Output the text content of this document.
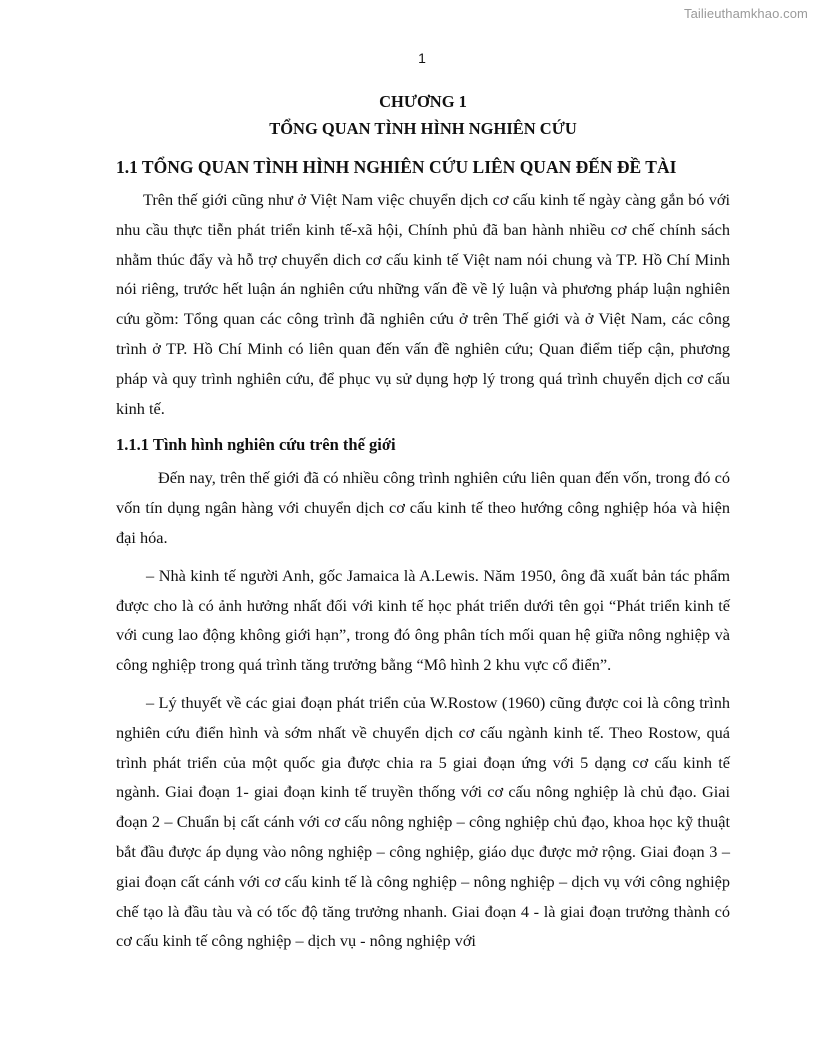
Tailieuthamkhao.com
1

CHƯƠNG 1

TỔNG QUAN TÌNH HÌNH NGHIÊN CỨU

1.1 TỔNG QUAN TÌNH HÌNH NGHIÊN CỨU LIÊN QUAN ĐẾN ĐỀ TÀI

Trên thế giới cũng như ở Việt Nam việc chuyển dịch cơ cấu kinh tế ngày càng gắn bó với nhu cầu thực tiễn phát triển kinh tế-xã hội, Chính phủ đã ban hành nhiều cơ chế chính sách nhằm thúc đẩy và hỗ trợ chuyển dich cơ cấu kinh tế Việt nam nói chung và TP. Hồ Chí Minh nói riêng, trước hết luận án nghiên cứu những vấn đề về lý luận và phương pháp luận nghiên cứu gồm: Tổng quan các công trình đã nghiên cứu ở trên Thế giới và ở Việt Nam, các công trình ở TP. Hồ Chí Minh có liên quan đến vấn đề nghiên cứu; Quan điểm tiếp cận, phương pháp và quy trình nghiên cứu, để phục vụ sử dụng hợp lý trong quá trình chuyển dịch cơ cấu kinh tế.

1.1.1 Tình hình nghiên cứu trên thế giới

Đến nay, trên thế giới đã có nhiều công trình nghiên cứu liên quan đến vốn, trong đó có vốn tín dụng ngân hàng với chuyển dịch cơ cấu kinh tế theo hướng công nghiệp hóa và hiện đại hóa.

– Nhà kinh tế người Anh, gốc Jamaica là A.Lewis. Năm 1950, ông đã xuất bản tác phẩm được cho là có ảnh hưởng nhất đối với kinh tế học phát triển dưới tên gọi “Phát triển kinh tế với cung lao động không giới hạn”, trong đó ông phân tích mối quan hệ giữa nông nghiệp và công nghiệp trong quá trình tăng trưởng bằng “Mô hình 2 khu vực cổ điển”.

– Lý thuyết về các giai đoạn phát triển của W.Rostow (1960) cũng được coi là công trình nghiên cứu điển hình và sớm nhất về chuyển dịch cơ cấu ngành kinh tế. Theo Rostow, quá trình phát triển của một quốc gia được chia ra 5 giai đoạn ứng với 5 dạng cơ cấu kinh tế ngành. Giai đoạn 1- giai đoạn kinh tế truyền thống với cơ cấu nông nghiệp là chủ đạo. Giai đoạn 2 – Chuẩn bị cất cánh với cơ cấu nông nghiệp – công nghiệp chủ đạo, khoa học kỹ thuật bắt đầu được áp dụng vào nông nghiệp – công nghiệp, giáo dục được mở rộng. Giai đoạn 3 – giai đoạn cất cánh với cơ cấu kinh tế là công nghiệp – nông nghiệp – dịch vụ với công nghiệp chế tạo là đầu tàu và có tốc độ tăng trưởng nhanh. Giai đoạn 4 - là giai đoạn trưởng thành có cơ cấu kinh tế công nghiệp – dịch vụ - nông nghiệp với
